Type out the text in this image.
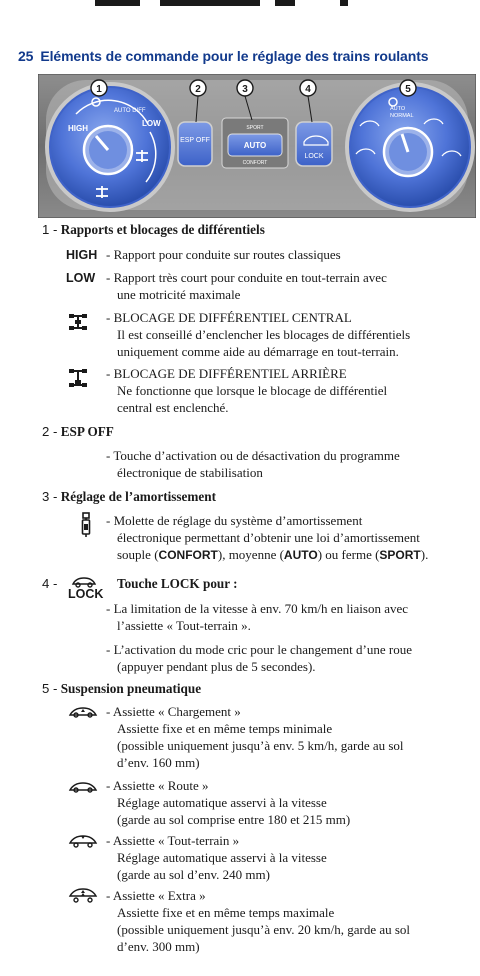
25 Eléments de commande pour le réglage des trains roulants
HIGH
AUTO DIFF
LOW
ESP OFF
SPORT
AUTO
CONFORT
LOCK
AUTO
NORMAL
1	2	3	4	5
1 - Rapports et blocages de différentiels
HIGH - Rapport pour conduite sur routes classiques
LOW - Rapport très court pour conduite en tout-terrain avec
une motricité maximale
- BLOCAGE DE DIFFÉRENTIEL CENTRAL
Il est conseillé d’enclencher les blocages de différentiels
uniquement comme aide au démarrage en tout-terrain.
- BLOCAGE DE DIFFÉRENTIEL ARRIÈRE
Ne fonctionne que lorsque le blocage de différentiel
central est enclenché.
2 - ESP OFF
- Touche d’activation ou de désactivation du programme
électronique de stabilisation
3 - Réglage de l’amortissement
- Molette de réglage du système d’amortissement
électronique permettant d’obtenir une loi d’amortissement
souple (CONFORT), moyenne (AUTO) ou ferme (SPORT).
4 -
LOCK
Touche LOCK pour :
- La limitation de la vitesse à env. 70 km/h en liaison avec
l’assiette « Tout-terrain ».
- L’activation du mode cric pour le changement d’une roue
(appuyer pendant plus de 5 secondes).
5 - Suspension pneumatique
- Assiette « Chargement »
Assiette fixe et en même temps minimale
(possible uniquement jusqu’à env. 5 km/h, garde au sol
d’env. 160 mm)
- Assiette « Route »
Réglage automatique asservi à la vitesse
(garde au sol comprise entre 180 et 215 mm)
- Assiette « Tout-terrain »
Réglage automatique asservi à la vitesse
(garde au sol d’env. 240 mm)
- Assiette « Extra »
Assiette fixe et en même temps maximale
(possible uniquement jusqu’à env. 20 km/h, garde au sol
d’env. 300 mm)
